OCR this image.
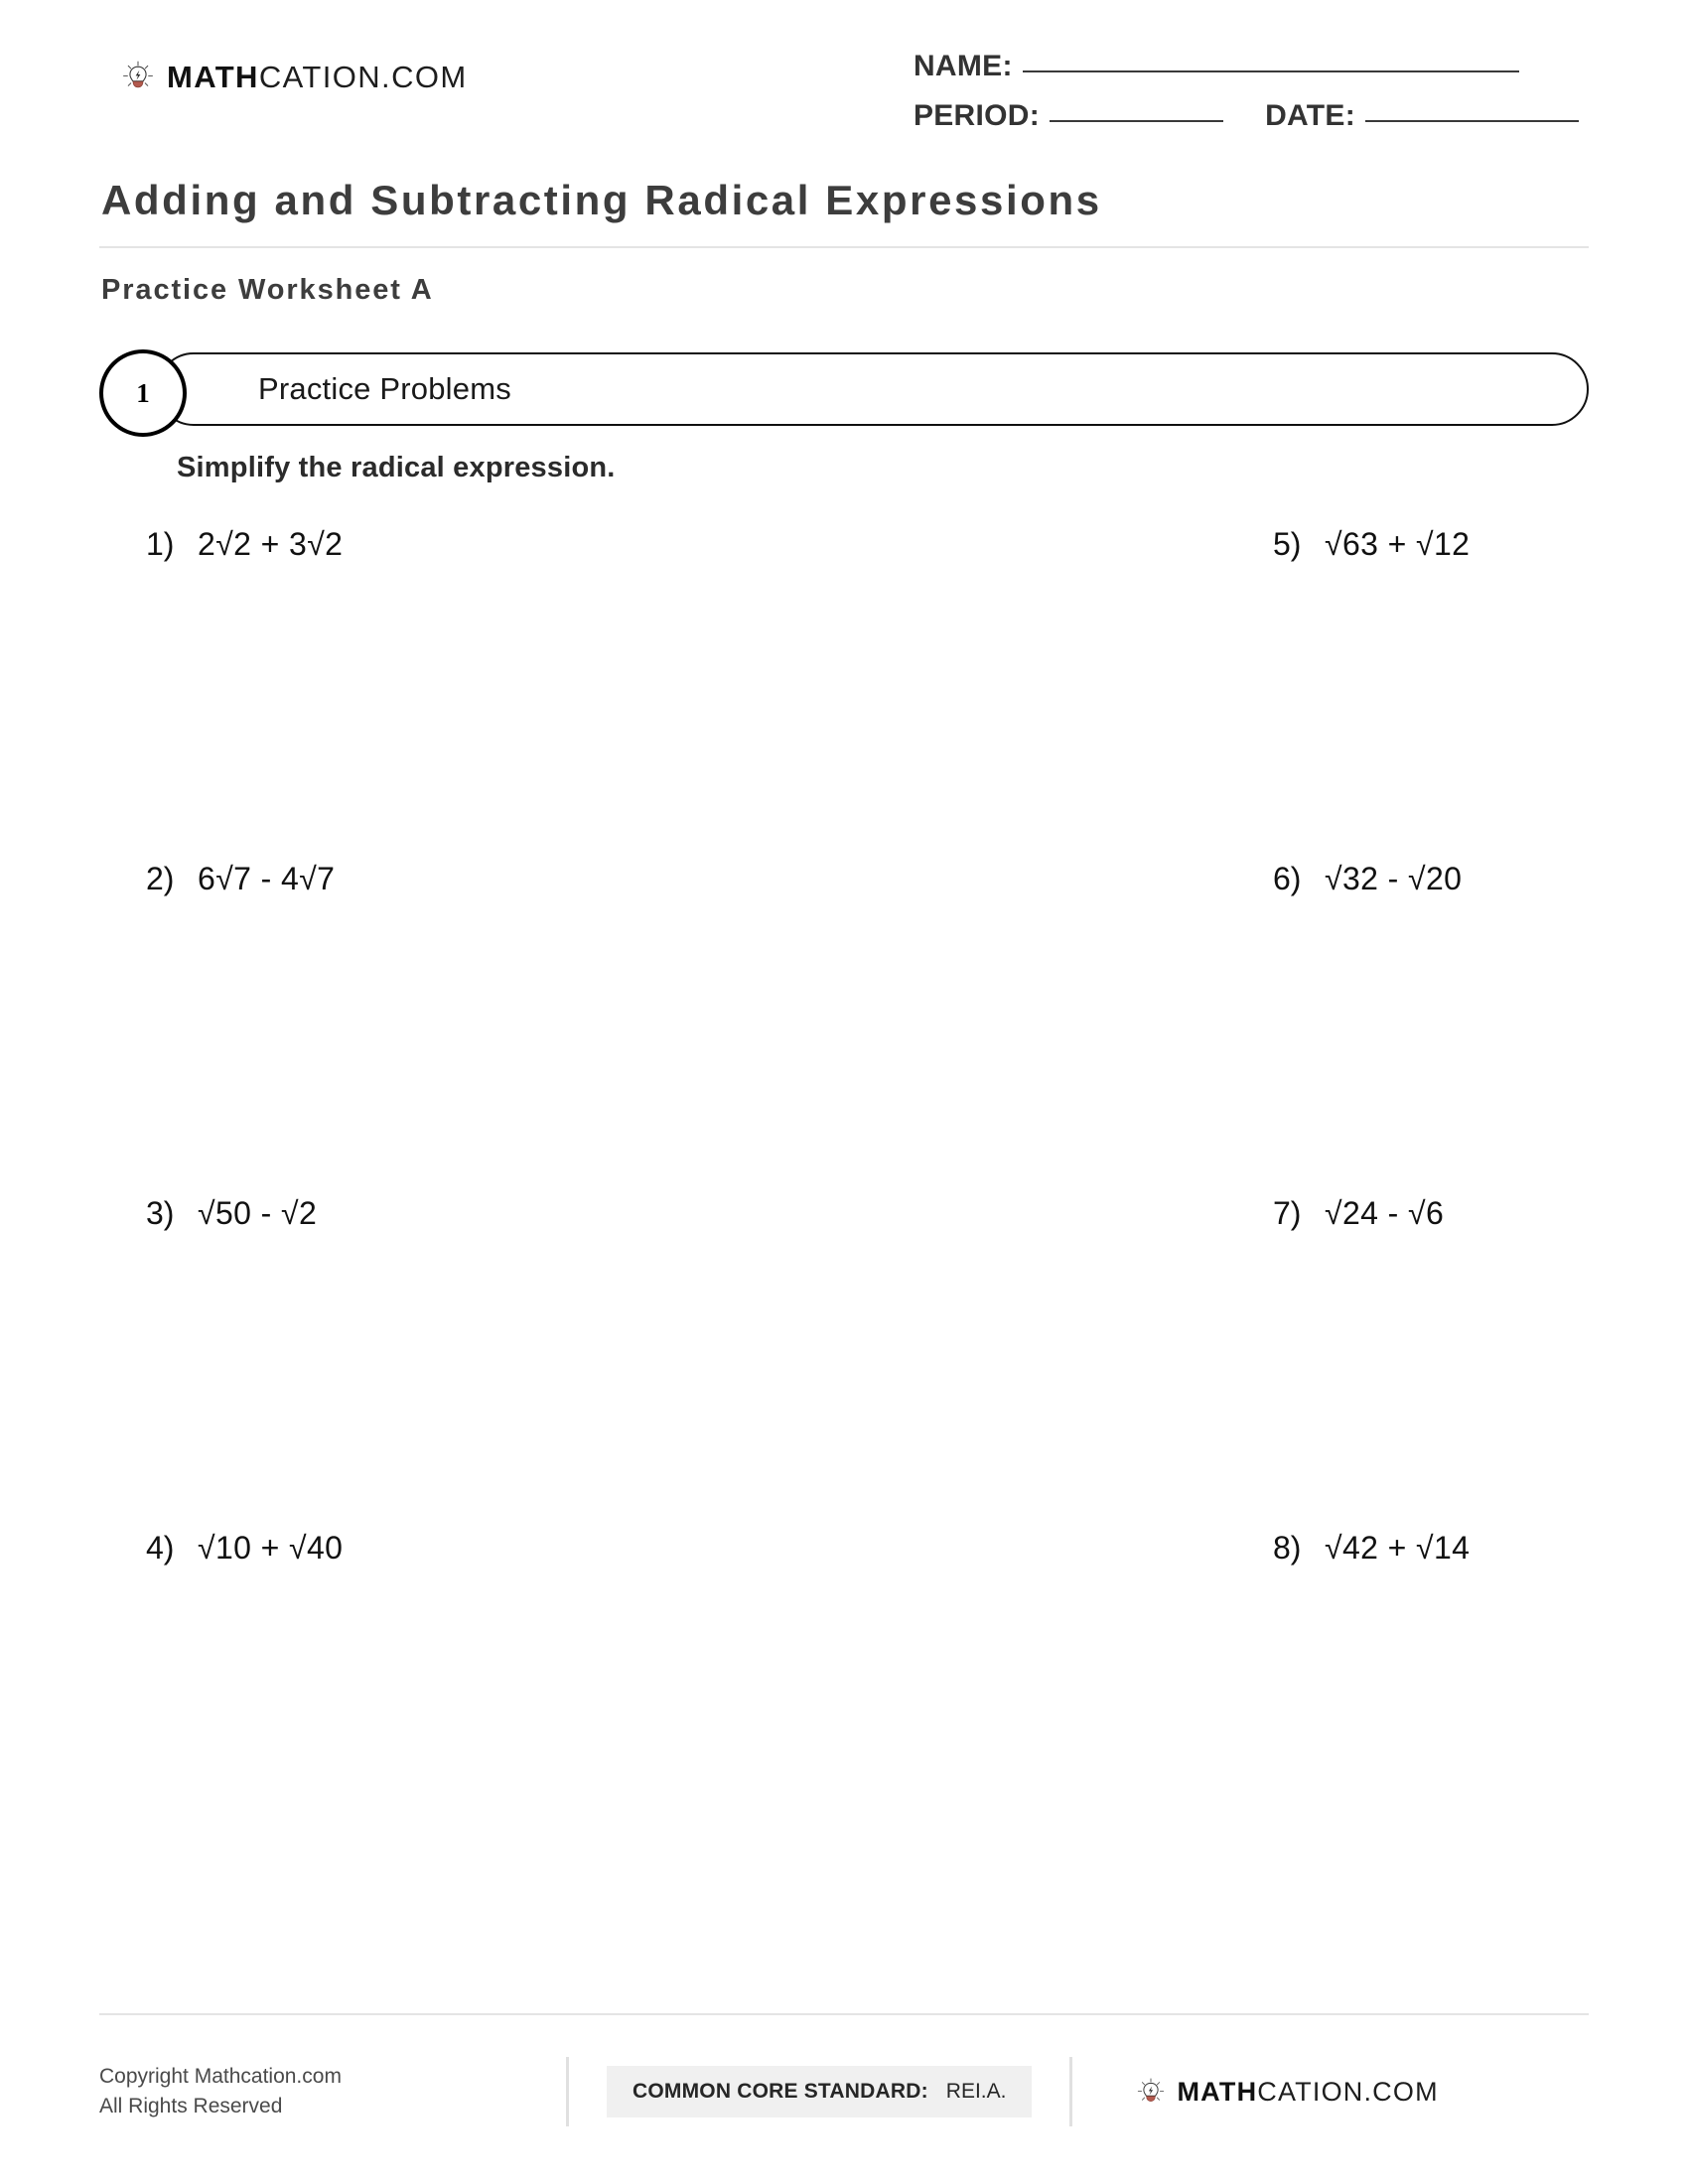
MATHCATION.COM	NAME:
PERIOD:	DATE:
Adding and Subtracting Radical Expressions
Practice Worksheet A
Practice Problems
1
Simplify the radical expression.
1) 2√2 + 3√2	5) √63 + √12
2) 6√7 - 4√7	6) √32 - √20
3) √50 - √2	7) √24 - √6
4) √10 + √40	8) √42 + √14
Copyright Mathcation.com
All Rights Reserved
COMMON CORE STANDARD: REI.A.	MATHCATION.COM
